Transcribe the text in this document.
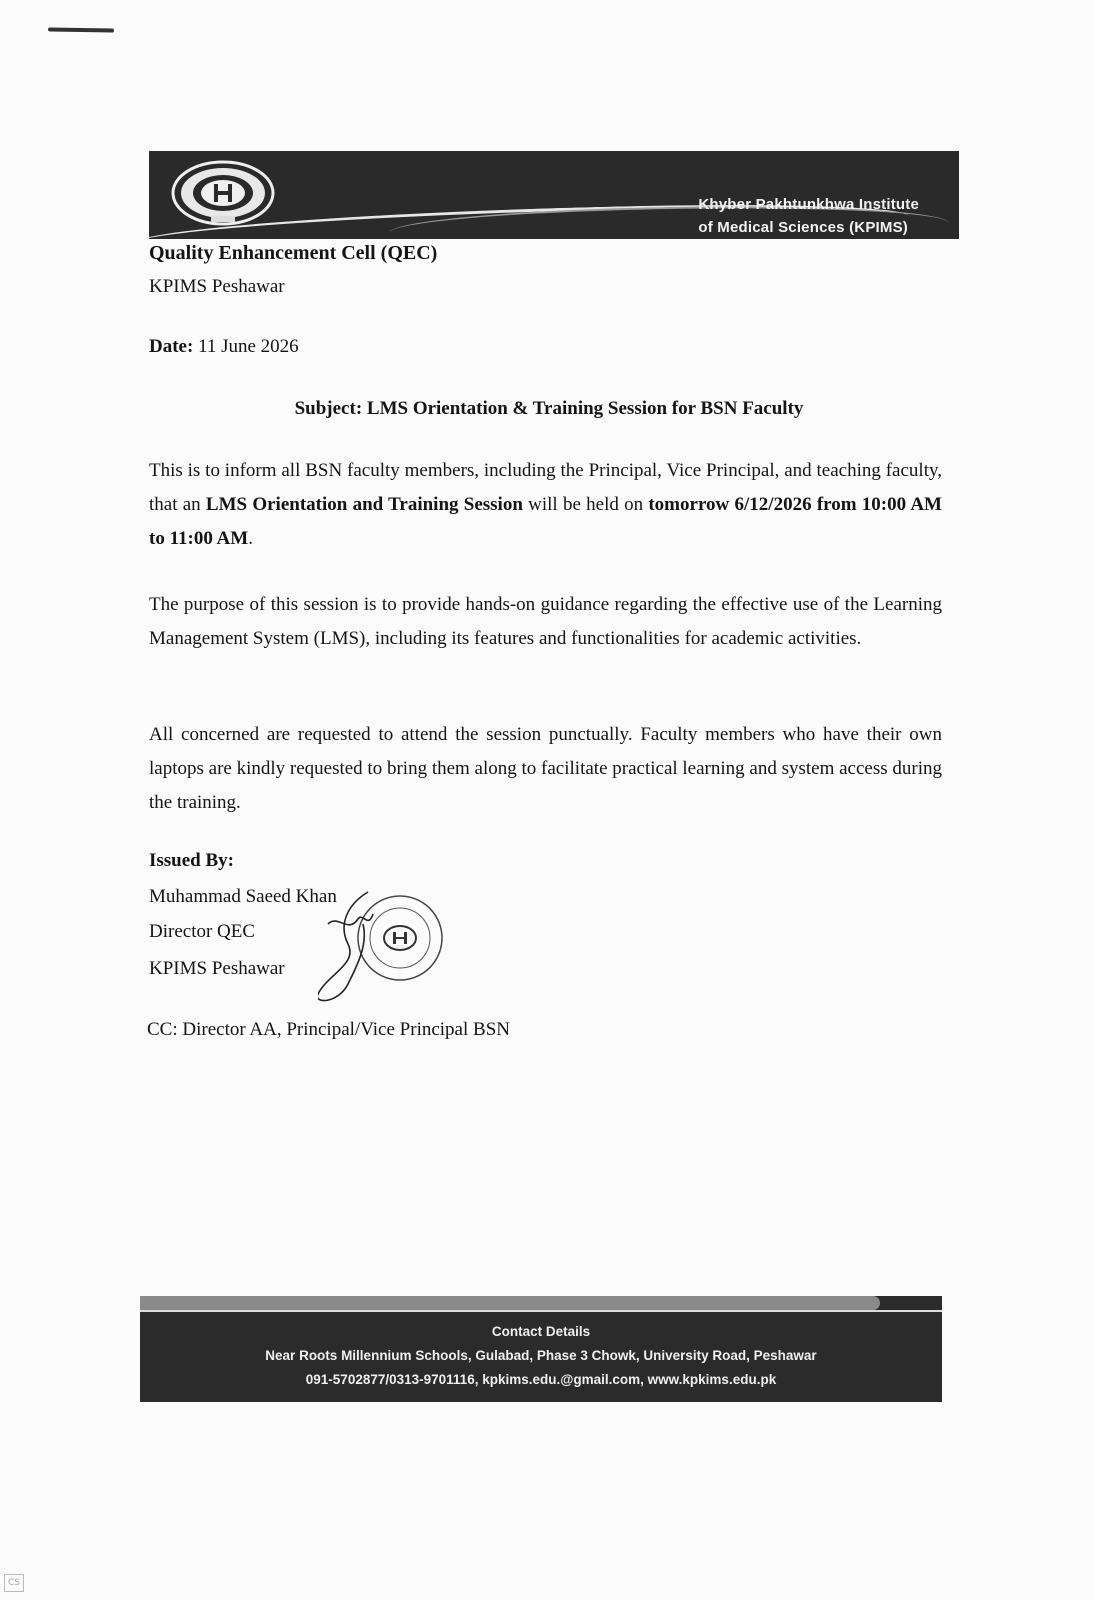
Khyber Pakhtunkhwa Institute
of Medical Sciences (KPIMS)
Quality Enhancement Cell (QEC)
KPIMS Peshawar
Date: 11 June 2026
Subject: LMS Orientation & Training Session for BSN Faculty
This is to inform all BSN faculty members, including the Principal, Vice Principal, and teaching faculty, that an LMS Orientation and Training Session will be held on tomorrow 6/12/2026 from 10:00 AM to 11:00 AM.
The purpose of this session is to provide hands-on guidance regarding the effective use of the Learning Management System (LMS), including its features and functionalities for academic activities.
All concerned are requested to attend the session punctually. Faculty members who have their own laptops are kindly requested to bring them along to facilitate practical learning and system access during the training.
Issued By:
Muhammad Saeed Khan
Director QEC
KPIMS Peshawar
CC: Director AA, Principal/Vice Principal BSN
Contact Details
Near Roots Millennium Schools, Gulabad, Phase 3 Chowk, University Road, Peshawar
091-5702877/0313-9701116, kpkims.edu.@gmail.com, www.kpkims.edu.pk
CS
